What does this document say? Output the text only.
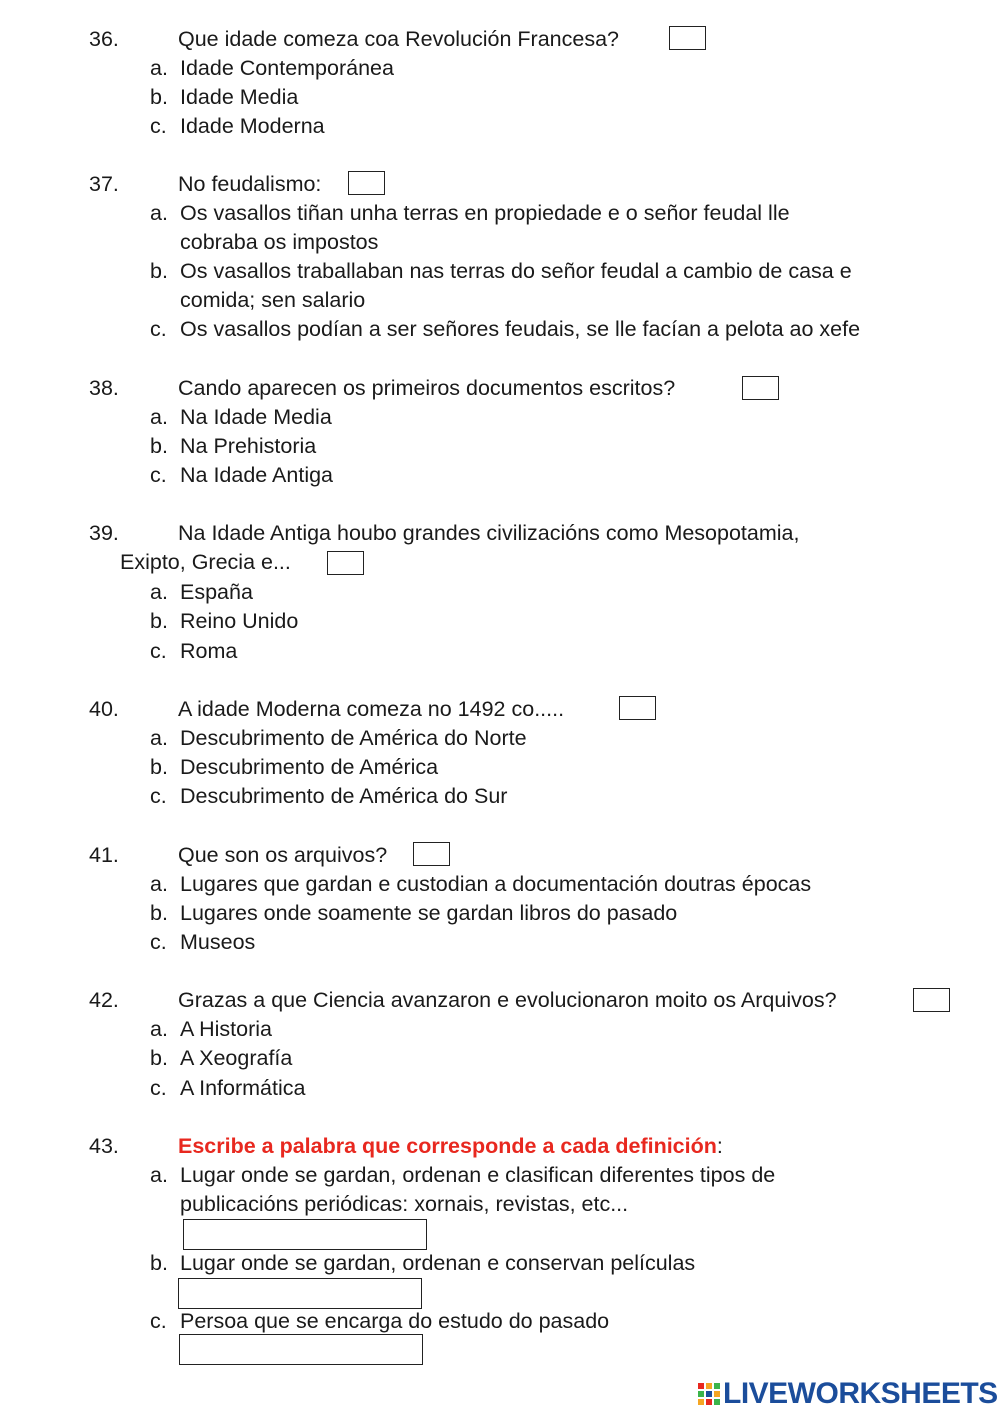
36.	Que idade comeza coa Revolución Francesa?
a. Idade Contemporánea
b. Idade Media
c. Idade Moderna
37.	No feudalismo:
a. Os vasallos tiñan unha terras en propiedade e o señor feudal lle
cobraba os impostos
b. Os vasallos traballaban nas terras do señor feudal a cambio de casa e
comida; sen salario
c. Os vasallos podían a ser señores feudais, se lle facían a pelota ao xefe
38.	Cando aparecen os primeiros documentos escritos?
a. Na Idade Media
b. Na Prehistoria
c. Na Idade Antiga
39.	Na Idade Antiga houbo grandes civilizacións como Mesopotamia,
Exipto, Grecia e...
a. España
b. Reino Unido
c. Roma
40.	A idade Moderna comeza no 1492 co.....
a. Descubrimento de América do Norte
b. Descubrimento de América
c. Descubrimento de América do Sur
41.	Que son os arquivos?
a. Lugares que gardan e custodian a documentación doutras épocas
b. Lugares onde soamente se gardan libros do pasado
c. Museos
42.	Grazas a que Ciencia avanzaron e evolucionaron moito os Arquivos?
a. A Historia
b. A Xeografía
c. A Informática
43.	Escribe a palabra que corresponde a cada definición:
a. Lugar onde se gardan, ordenan e clasifican diferentes tipos de
publicacións periódicas: xornais, revistas, etc...
b. Lugar onde se gardan, ordenan e conservan películas
c. Persoa que se encarga do estudo do pasado
LIVEWORKSHEETS
